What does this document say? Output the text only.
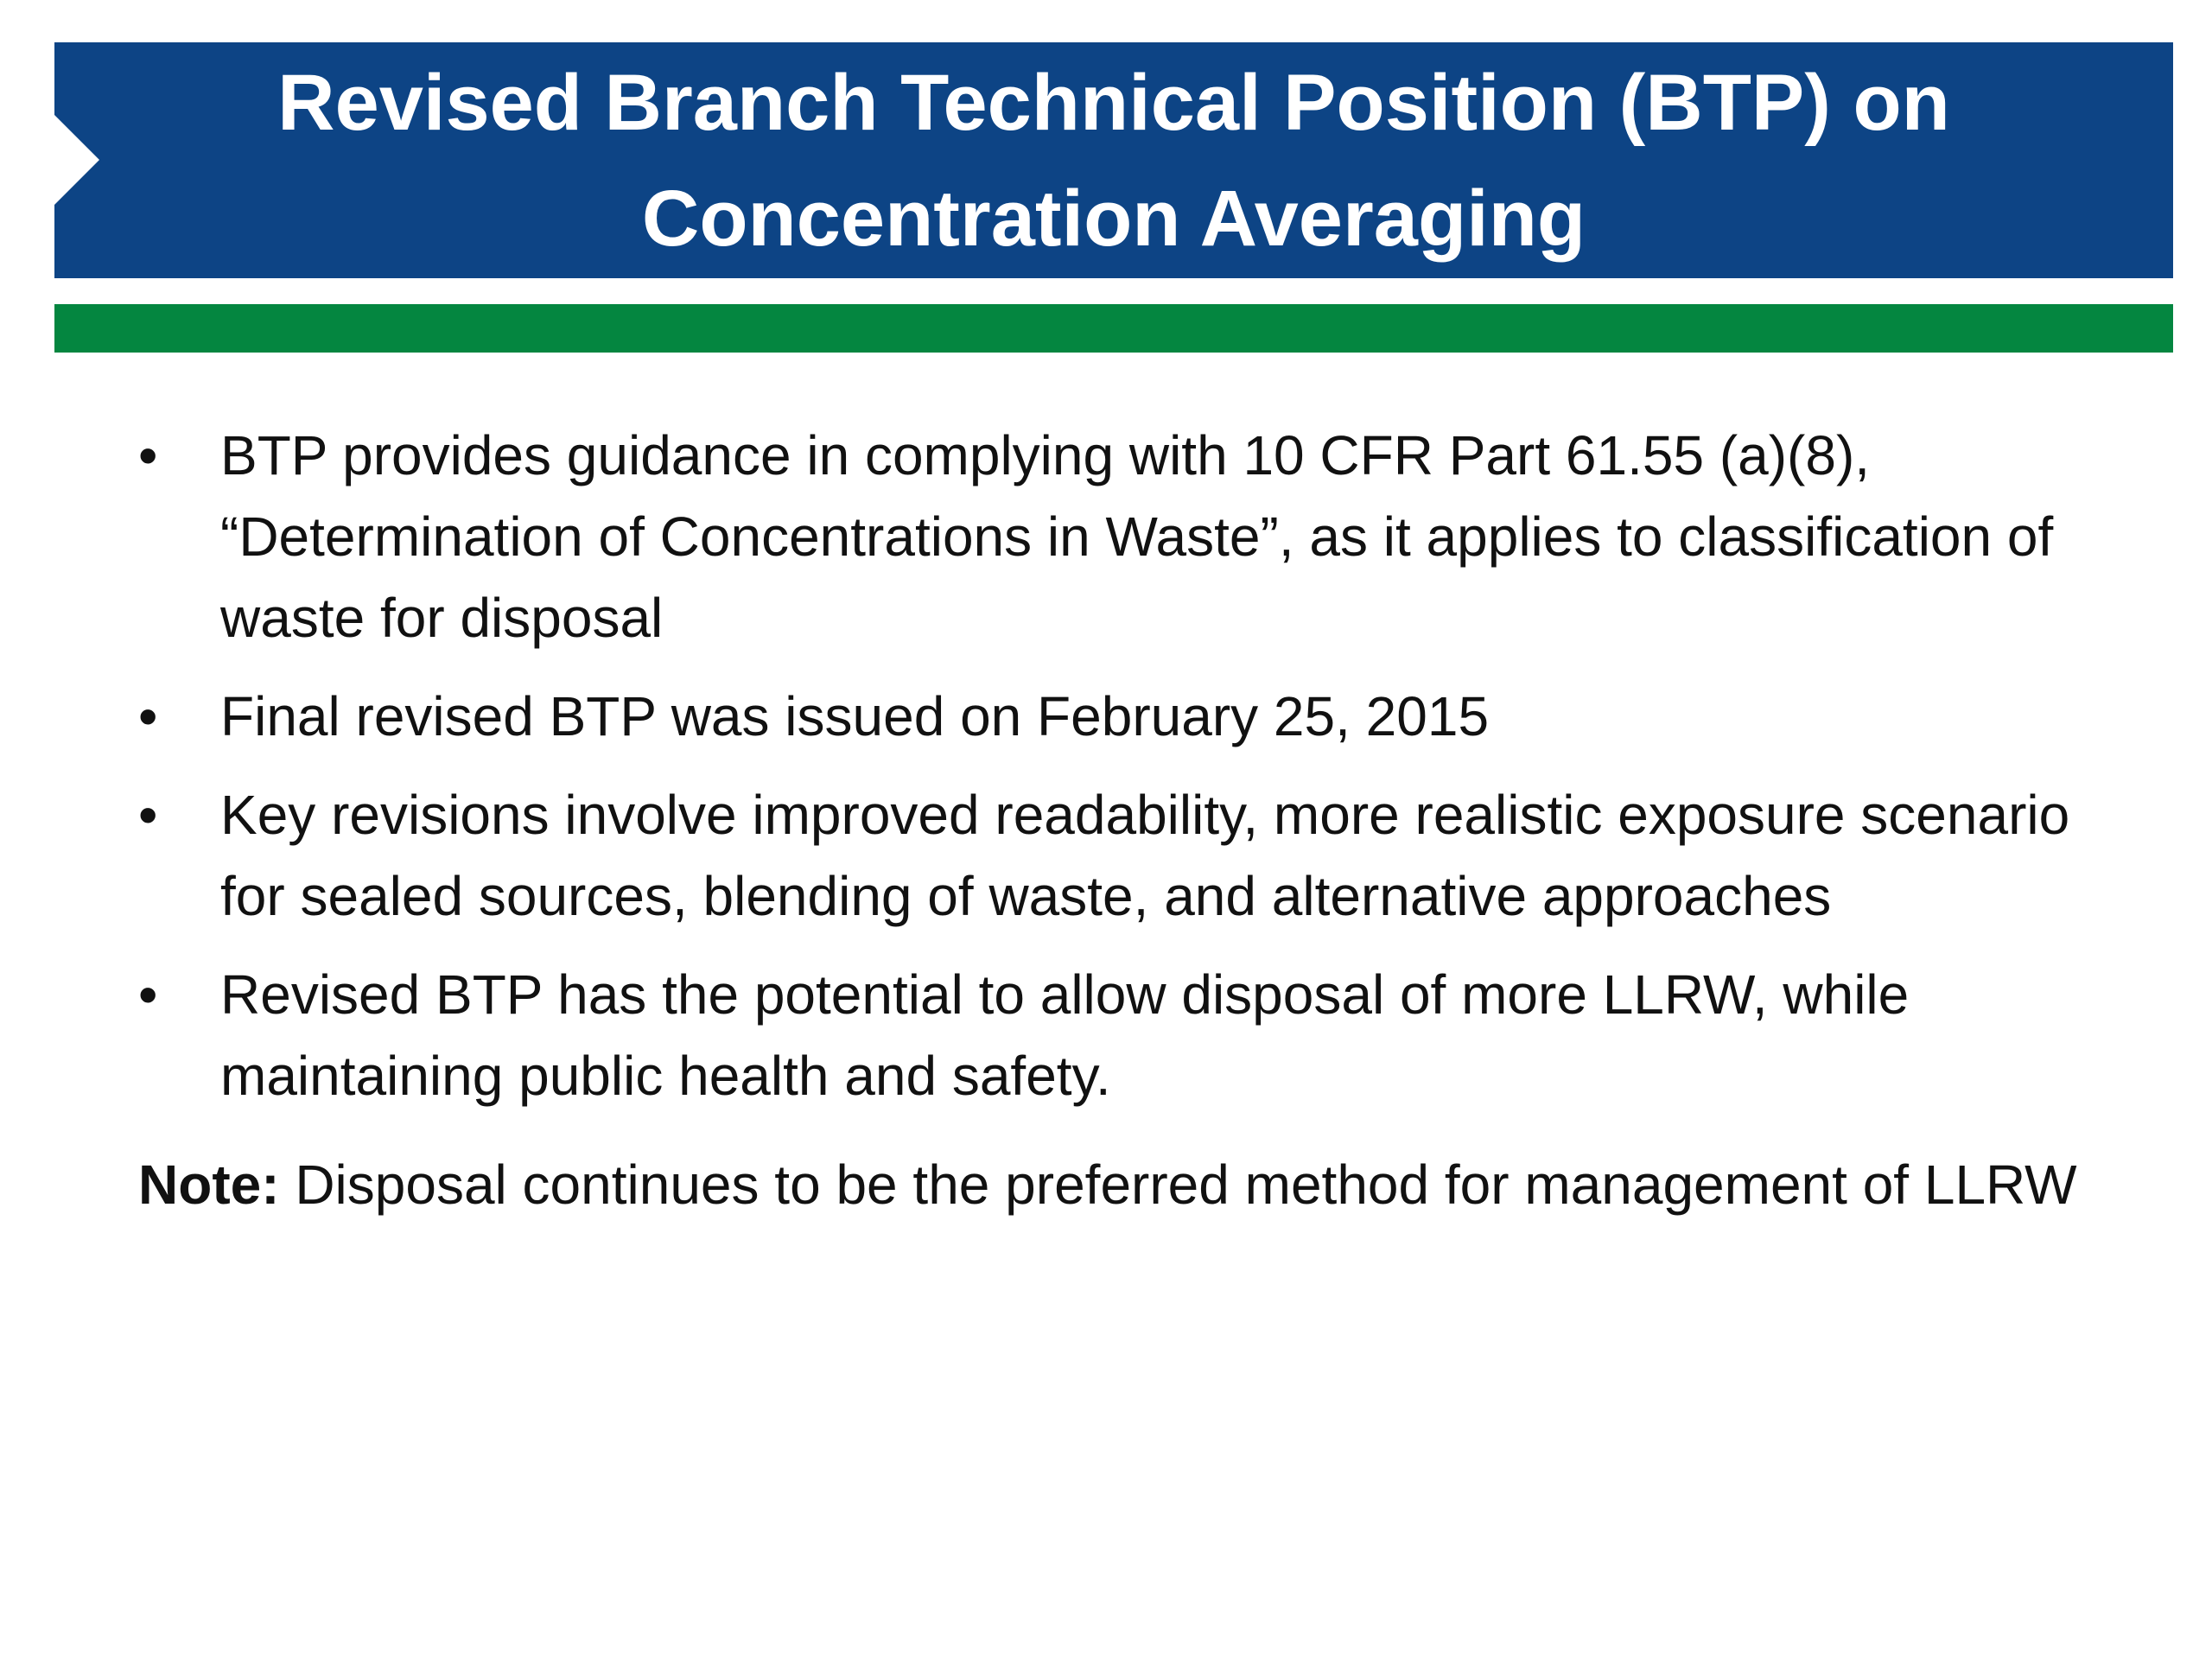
Revised Branch Technical Position (BTP) on
Concentration Averaging
• BTP provides guidance in complying with 10 CFR Part 61.55 (a)(8), “Determination of Concentrations in Waste”, as it applies to classification of waste for disposal
• Final revised BTP was issued on February 25, 2015
• Key revisions involve improved readability, more realistic exposure scenario for sealed sources, blending of waste, and alternative approaches
• Revised BTP has the potential to allow disposal of more LLRW, while maintaining public health and safety.
Note: Disposal continues to be the preferred method for management of LLRW
